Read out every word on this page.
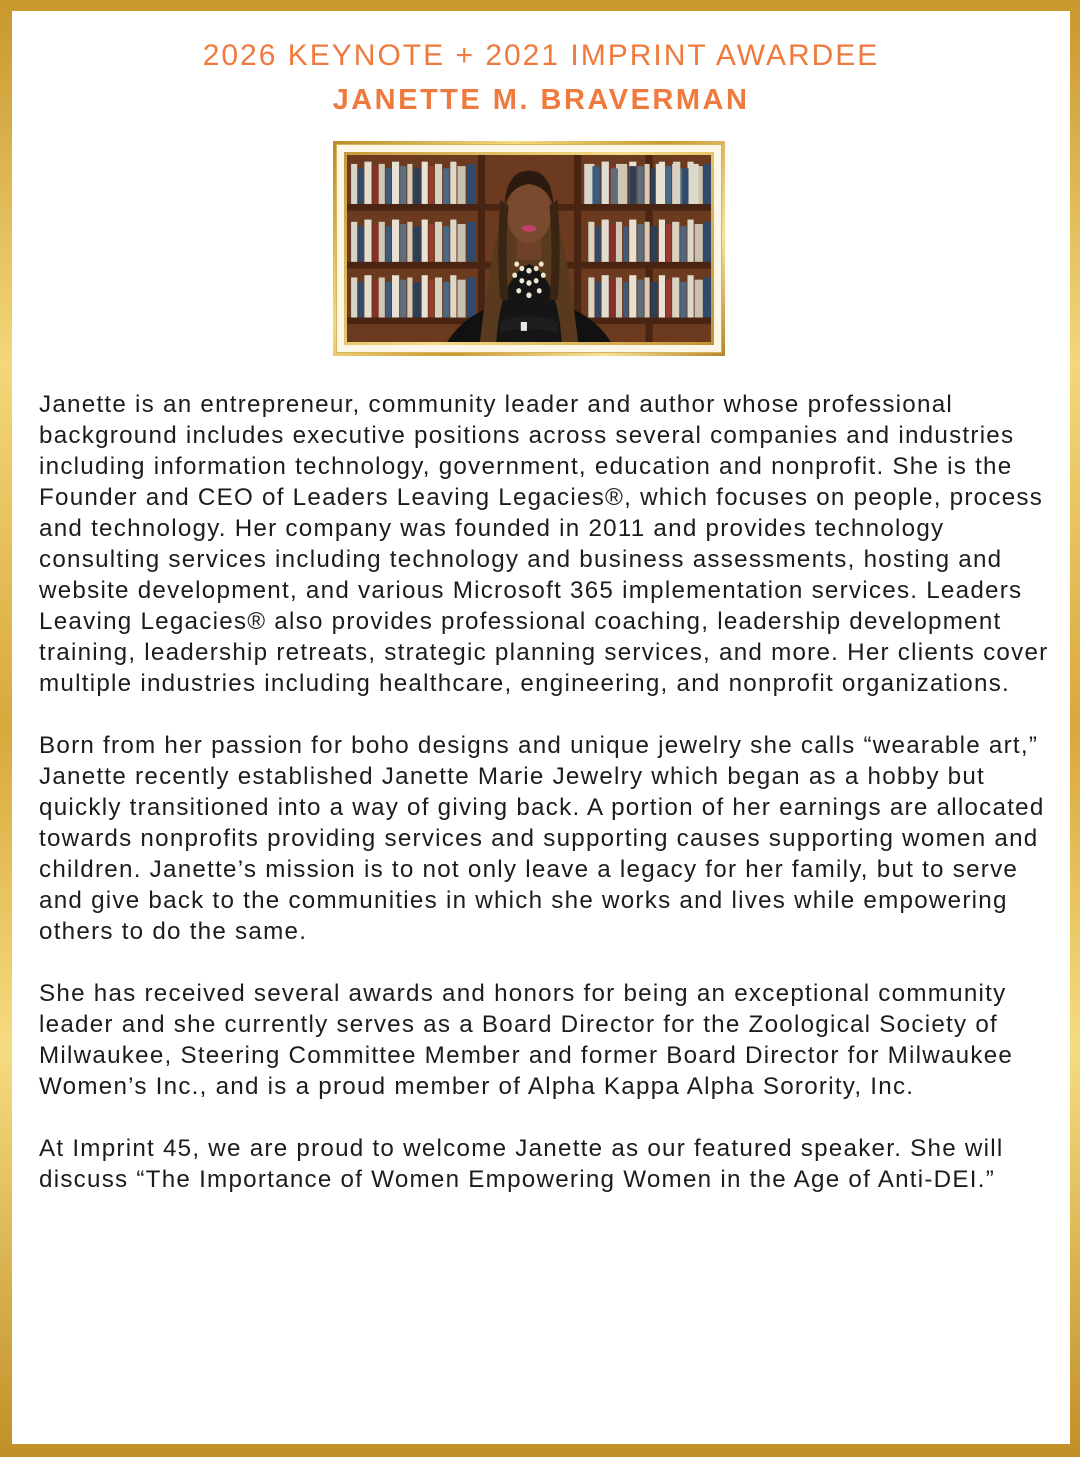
2026 KEYNOTE + 2021 IMPRINT AWARDEE
JANETTE M. BRAVERMAN

Janette is an entrepreneur, community leader and author whose professional background includes executive positions across several companies and industries including information technology, government, education and nonprofit. She is the Founder and CEO of Leaders Leaving Legacies®, which focuses on people, process and technology. Her company was founded in 2011 and provides technology consulting services including technology and business assessments, hosting and website development, and various Microsoft 365 implementation services. Leaders Leaving Legacies® also provides professional coaching, leadership development training, leadership retreats, strategic planning services, and more. Her clients cover multiple industries including healthcare, engineering, and nonprofit organizations.

Born from her passion for boho designs and unique jewelry she calls “wearable art,” Janette recently established Janette Marie Jewelry which began as a hobby but quickly transitioned into a way of giving back. A portion of her earnings are allocated towards nonprofits providing services and supporting causes supporting women and children. Janette’s mission is to not only leave a legacy for her family, but to serve and give back to the communities in which she works and lives while empowering others to do the same.

She has received several awards and honors for being an exceptional community leader and she currently serves as a Board Director for the Zoological Society of Milwaukee, Steering Committee Member and former Board Director for Milwaukee Women’s Inc., and is a proud member of Alpha Kappa Alpha Sorority, Inc.

At Imprint 45, we are proud to welcome Janette as our featured speaker. She will discuss “The Importance of Women Empowering Women in the Age of Anti-DEI.”
